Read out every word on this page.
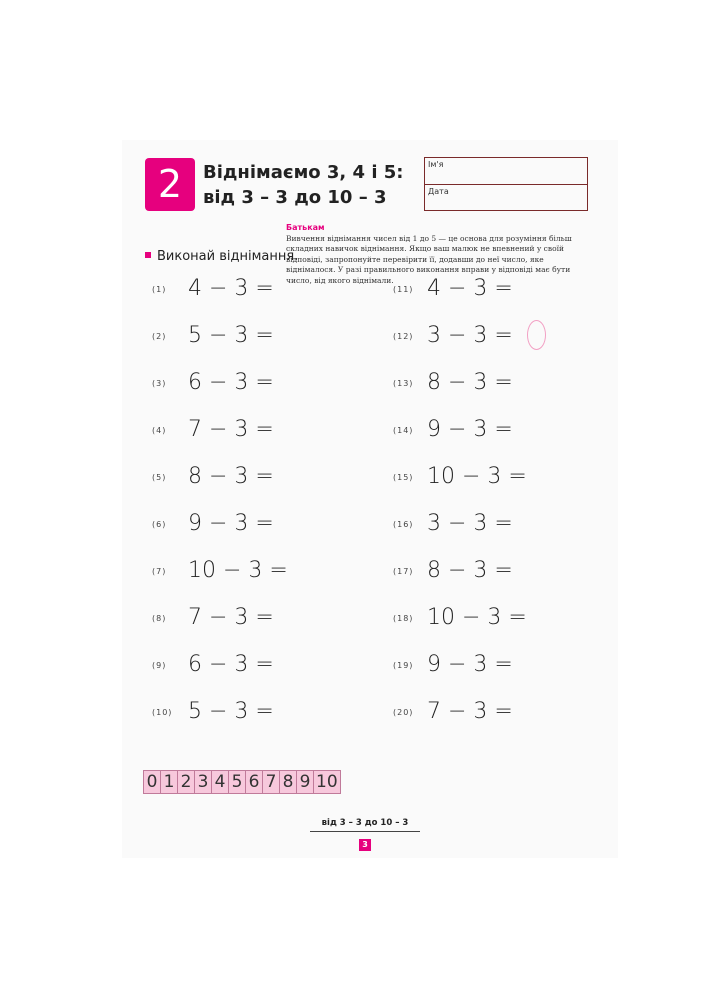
2	Віднімаємо 3, 4 і 5:
від 3 – 3 до 10 – 3
Ім'я
Дата
Батькам
Вивчення віднімання чисел від 1 до 5 — це основа для розуміння більш складних навичок віднімання. Якщо ваш малюк не впевнений у своїй відповіді, запропонуйте перевірити її, додавши до неї число, яке віднімалося. У разі правильного виконання вправи у відповіді має бути число, від якого віднімали.
Виконай віднімання.
(1) 4 − 3 =
(2) 5 − 3 =
(3) 6 − 3 =
(4) 7 − 3 =
(5) 8 − 3 =
(6) 9 − 3 =
(7) 10 − 3 =
(8) 7 − 3 =
(9) 6 − 3 =
(10) 5 − 3 =
(11) 4 − 3 =
(12) 3 − 3 =
(13) 8 − 3 =
(14) 9 − 3 =
(15) 10 − 3 =
(16) 3 − 3 =
(17) 8 − 3 =
(18) 10 − 3 =
(19) 9 − 3 =
(20) 7 − 3 =
0 1 2 3 4 5 6 7 8 9 10
від 3 – 3 до 10 – 3
3
